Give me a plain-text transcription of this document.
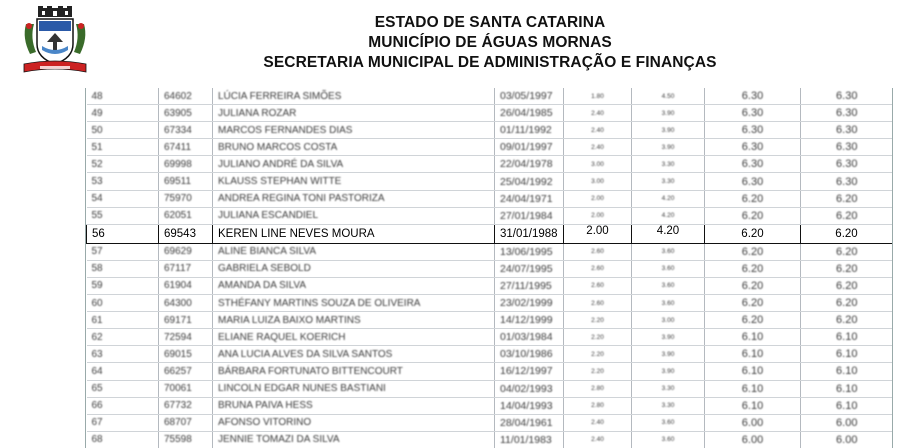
ESTADO DE SANTA CATARINA
MUNICÍPIO DE ÁGUAS MORNAS
SECRETARIA MUNICIPAL DE ADMINISTRAÇÃO E FINANÇAS
48	64602	LÚCIA FERREIRA SIMÕES	03/05/1997	1.80	4.50	6.30	6.30
49	63905	JULIANA ROZAR	26/04/1985	2.40	3.90	6.30	6.30
50	67334	MARCOS FERNANDES DIAS	01/11/1992	2.40	3.90	6.30	6.30
51	67411	BRUNO MARCOS COSTA	09/01/1997	2.40	3.90	6.30	6.30
52	69998	JULIANO ANDRÉ DA SILVA	22/04/1978	3.00	3.30	6.30	6.30
53	69511	KLAUSS STEPHAN WITTE	25/04/1992	3.00	3.30	6.30	6.30
54	75970	ANDREA REGINA TONI PASTORIZA	24/04/1971	2.00	4.20	6.20	6.20
55	62051	JULIANA ESCANDIEL	27/01/1984	2.00	4.20	6.20	6.20
56	69543	KEREN LINE NEVES MOURA	31/01/1988	2.00	4.20	6.20	6.20
57	69629	ALINE BIANCA SILVA	13/06/1995	2.60	3.60	6.20	6.20
58	67117	GABRIELA SEBOLD	24/07/1995	2.60	3.60	6.20	6.20
59	61904	AMANDA DA SILVA	27/11/1995	2.60	3.60	6.20	6.20
60	64300	STHÉFANY MARTINS SOUZA DE OLIVEIRA	23/02/1999	2.60	3.60	6.20	6.20
61	69171	MARIA LUIZA BAIXO MARTINS	14/12/1999	2.20	3.00	6.20	6.20
62	72594	ELIANE RAQUEL KOERICH	01/03/1984	2.20	3.90	6.10	6.10
63	69015	ANA LUCIA ALVES DA SILVA SANTOS	03/10/1986	2.20	3.90	6.10	6.10
64	66257	BÁRBARA FORTUNATO BITTENCOURT	16/12/1997	2.20	3.90	6.10	6.10
65	70061	LINCOLN EDGAR NUNES BASTIANI	04/02/1993	2.80	3.30	6.10	6.10
66	67732	BRUNA PAIVA HESS	14/04/1993	2.80	3.30	6.10	6.10
67	68707	AFONSO VITORINO	28/04/1961	2.40	3.60	6.00	6.00
68	75598	JENNIE TOMAZI DA SILVA	11/01/1983	2.40	3.60	6.00	6.00
